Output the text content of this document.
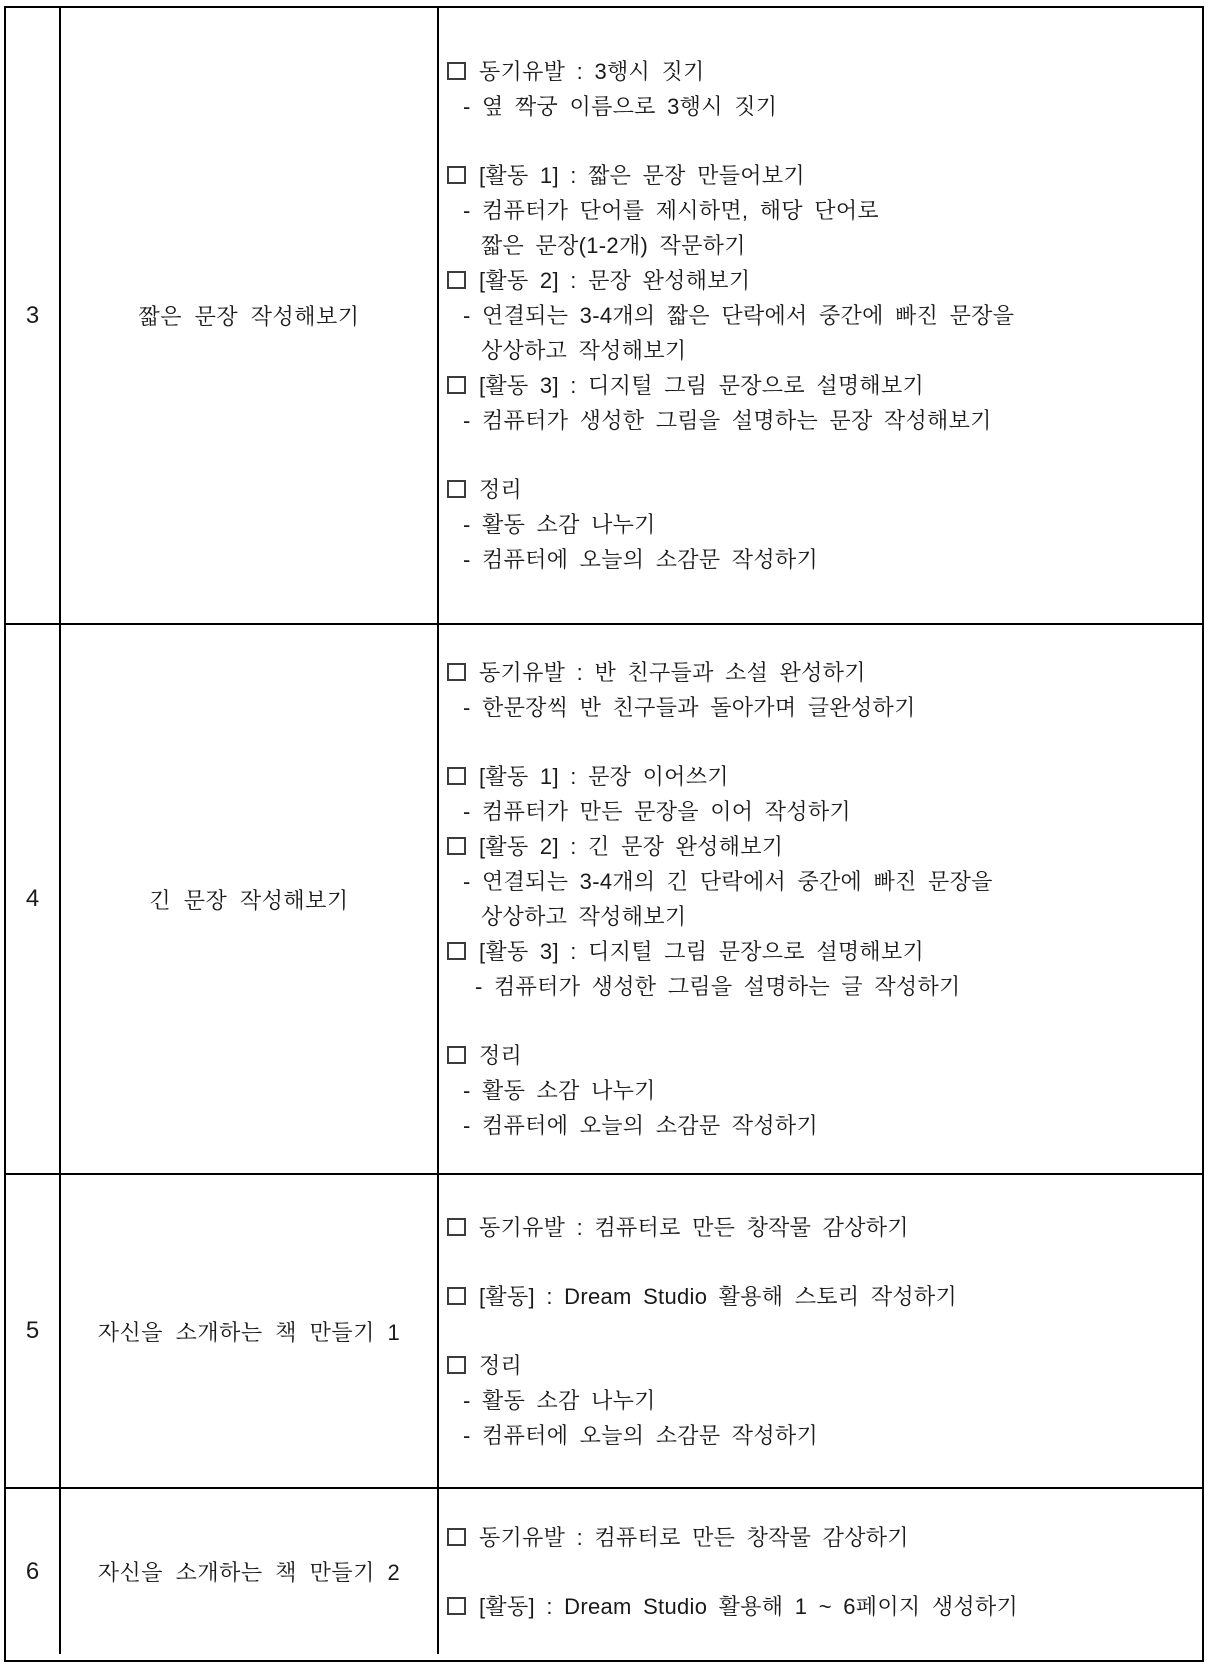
3	짧은 문장 작성해보기
동기유발 : 3행시 짓기
- 옆 짝궁 이름으로 3행시 짓기
[활동 1] : 짧은 문장 만들어보기
- 컴퓨터가 단어를 제시하면, 해당 단어로
짧은 문장(1-2개) 작문하기
[활동 2] : 문장 완성해보기
- 연결되는 3-4개의 짧은 단락에서 중간에 빠진 문장을
상상하고 작성해보기
[활동 3] : 디지털 그림 문장으로 설명해보기
- 컴퓨터가 생성한 그림을 설명하는 문장 작성해보기
정리
- 활동 소감 나누기
- 컴퓨터에 오늘의 소감문 작성하기
4	긴 문장 작성해보기
동기유발 : 반 친구들과 소설 완성하기
- 한문장씩 반 친구들과 돌아가며 글완성하기
[활동 1] : 문장 이어쓰기
- 컴퓨터가 만든 문장을 이어 작성하기
[활동 2] : 긴 문장 완성해보기
- 연결되는 3-4개의 긴 단락에서 중간에 빠진 문장을
상상하고 작성해보기
[활동 3] : 디지털 그림 문장으로 설명해보기
- 컴퓨터가 생성한 그림을 설명하는 글 작성하기
정리
- 활동 소감 나누기
- 컴퓨터에 오늘의 소감문 작성하기
5	자신을 소개하는 책 만들기 1
동기유발 : 컴퓨터로 만든 창작물 감상하기
[활동] : Dream Studio 활용해 스토리 작성하기
정리
- 활동 소감 나누기
- 컴퓨터에 오늘의 소감문 작성하기
6	자신을 소개하는 책 만들기 2
동기유발 : 컴퓨터로 만든 창작물 감상하기
[활동] : Dream Studio 활용해 1 ~ 6페이지 생성하기
